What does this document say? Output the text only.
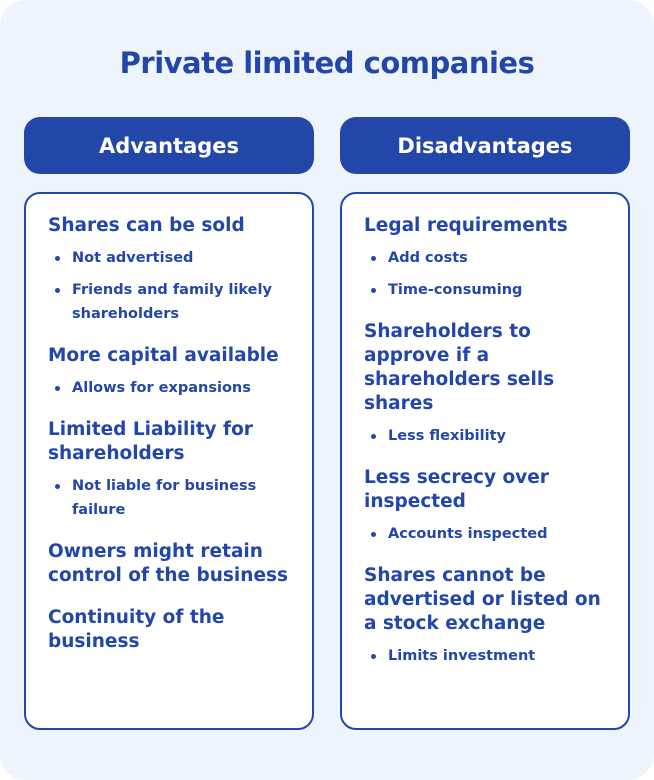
Private limited companies
Advantages	Disadvantages

Shares can be sold

Not advertised
Friends and family likely shareholders

More capital available

Allows for expansions

Limited Liability for shareholders

Not liable for business failure

Owners might retain control of the business

Continuity of the business

Legal requirements

Add costs
Time-consuming

Shareholders to approve if a shareholders sells shares

Less flexibility

Less secrecy over inspected

Accounts inspected

Shares cannot be advertised or listed on a stock exchange

Limits investment
